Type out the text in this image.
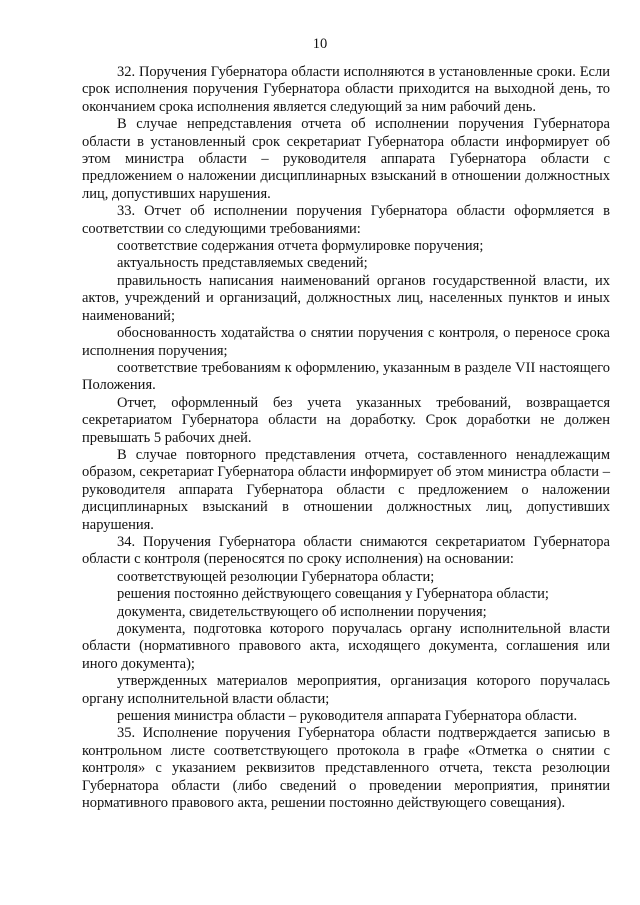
10

32. Поручения Губернатора области исполняются в установленные сроки. Если срок исполнения поручения Губернатора области приходится на выходной день, то окончанием срока исполнения является следующий за ним рабочий день.

В случае непредставления отчета об исполнении поручения Губернатора области в установленный срок секретариат Губернатора области информирует об этом министра области – руководителя аппарата Губернатора области с предложением о наложении дисциплинарных взысканий в отношении должностных лиц, допустивших нарушения.

33. Отчет об исполнении поручения Губернатора области оформляется в соответствии со следующими требованиями:

соответствие содержания отчета формулировке поручения;

актуальность представляемых сведений;

правильность написания наименований органов государственной власти, их актов, учреждений и организаций, должностных лиц, населенных пунктов и иных наименований;

обоснованность ходатайства о снятии поручения с контроля, о переносе срока исполнения поручения;

соответствие требованиям к оформлению, указанным в разделе VII настоящего Положения.

Отчет, оформленный без учета указанных требований, возвращается секретариатом Губернатора области на доработку. Срок доработки не должен превышать 5 рабочих дней.

В случае повторного представления отчета, составленного ненадлежащим образом, секретариат Губернатора области информирует об этом министра области – руководителя аппарата Губернатора области с предложением о наложении дисциплинарных взысканий в отношении должностных лиц, допустивших нарушения.

34. Поручения Губернатора области снимаются секретариатом Губернатора области с контроля (переносятся по сроку исполнения) на основании:

соответствующей резолюции Губернатора области;

решения постоянно действующего совещания у Губернатора области;

документа, свидетельствующего об исполнении поручения;

документа, подготовка которого поручалась органу исполнительной власти области (нормативного правового акта, исходящего документа, соглашения или иного документа);

утвержденных материалов мероприятия, организация которого поручалась органу исполнительной власти области;

решения министра области – руководителя аппарата Губернатора области.

35. Исполнение поручения Губернатора области подтверждается записью в контрольном листе соответствующего протокола в графе «Отметка о снятии с контроля» с указанием реквизитов представленного отчета, текста резолюции Губернатора области (либо сведений о проведении мероприятия, принятии нормативного правового акта, решении постоянно действующего совещания).
